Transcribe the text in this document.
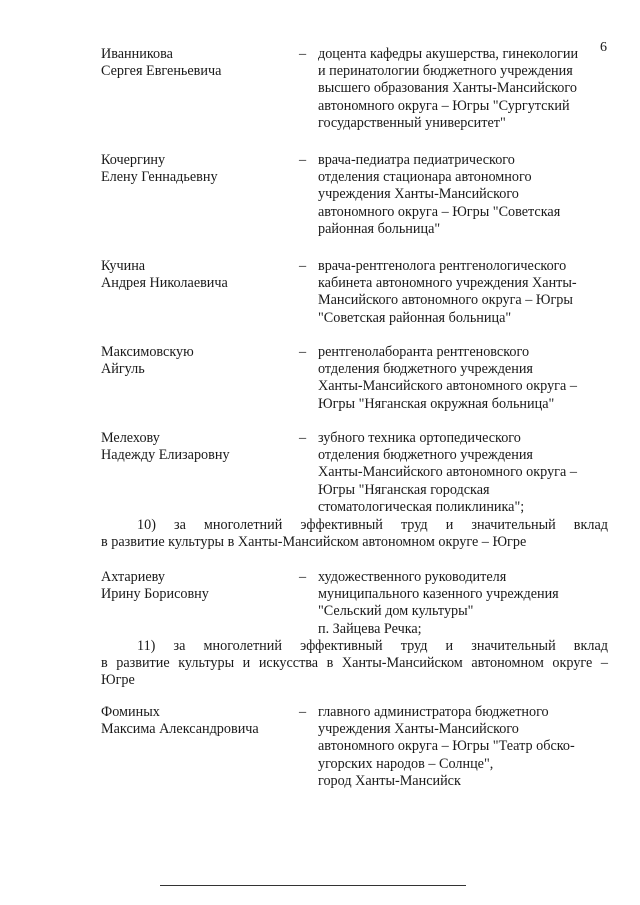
6
Иванникова
Сергея Евгеньевича
– доцента кафедры акушерства, гинекологии
и перинатологии бюджетного учреждения
высшего образования Ханты-Мансийского
автономного округа – Югры "Сургутский
государственный университет"
Кочергину
Елену Геннадьевну
– врача-педиатра педиатрического
отделения стационара автономного
учреждения Ханты-Мансийского
автономного округа – Югры "Советская
районная больница"
Кучина
Андрея Николаевича
– врача-рентгенолога рентгенологического
кабинета автономного учреждения Ханты-
Мансийского автономного округа – Югры
"Советская районная больница"
Максимовскую
Айгуль
– рентгенолаборанта рентгеновского
отделения бюджетного учреждения
Ханты-Мансийского автономного округа –
Югры "Няганская окружная больница"
Мелехову
Надежду Елизаровну
– зубного техника ортопедического
отделения бюджетного учреждения
Ханты-Мансийского автономного округа –
Югры "Няганская городская
стоматологическая поликлиника";
10) за многолетний эффективный труд и значительный вклад
в развитие культуры в Ханты-Мансийском автономном округе – Югре
Ахтариеву
Ирину Борисовну
– художественного руководителя
муниципального казенного учреждения
"Сельский дом культуры"
п. Зайцева Речка;
11) за многолетний эффективный труд и значительный вклад
в развитие культуры и искусства в Ханты-Мансийском автономном округе –
Югре
Фоминых
Максима Александровича
– главного администратора бюджетного
учреждения Ханты-Мансийского
автономного округа – Югры "Театр обско-
угорских народов – Солнце",
город Ханты-Мансийск
